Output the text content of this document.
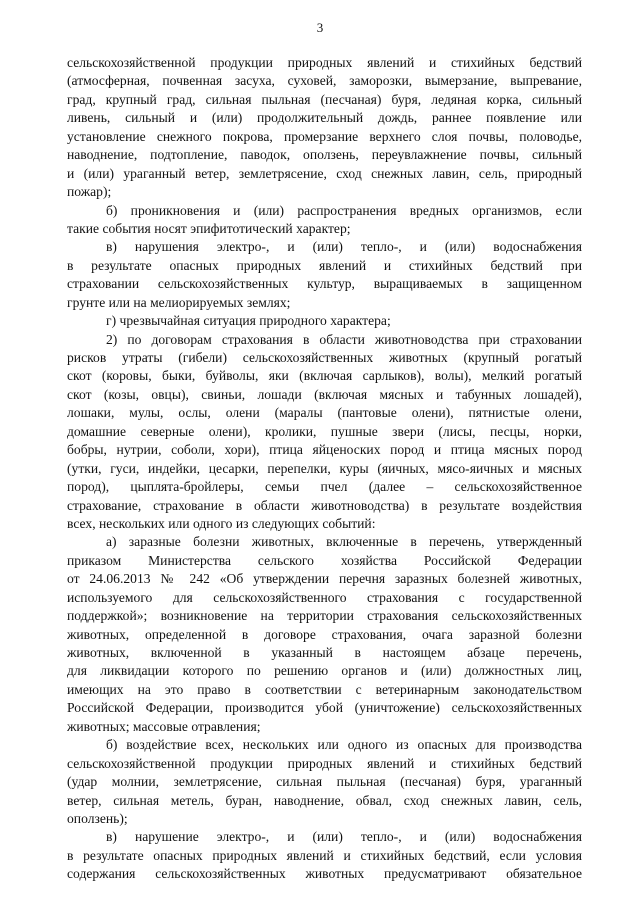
3
сельскохозяйственной продукции природных явлений и стихийных бедствий
(атмосферная, почвенная засуха, суховей, заморозки, вымерзание, выпревание,
град, крупный град, сильная пыльная (песчаная) буря, ледяная корка, сильный
ливень, сильный и (или) продолжительный дождь, раннее появление или
установление снежного покрова, промерзание верхнего слоя почвы, половодье,
наводнение, подтопление, паводок, оползень, переувлажнение почвы, сильный
и (или) ураганный ветер, землетрясение, сход снежных лавин, сель, природный
пожар);
б) проникновения и (или) распространения вредных организмов, если
такие события носят эпифитотический характер;
в) нарушения электро-, и (или) тепло-, и (или) водоснабжения
в результате опасных природных явлений и стихийных бедствий при
страховании сельскохозяйственных культур, выращиваемых в защищенном
грунте или на мелиорируемых землях;
г) чрезвычайная ситуация природного характера;
2) по договорам страхования в области животноводства при страховании
рисков утраты (гибели) сельскохозяйственных животных (крупный рогатый
скот (коровы, быки, буйволы, яки (включая сарлыков), волы), мелкий рогатый
скот (козы, овцы), свиньи, лошади (включая мясных и табунных лошадей),
лошаки, мулы, ослы, олени (маралы (пантовые олени), пятнистые олени,
домашние северные олени), кролики, пушные звери (лисы, песцы, норки,
бобры, нутрии, соболи, хори), птица яйценоских пород и птица мясных пород
(утки, гуси, индейки, цесарки, перепелки, куры (яичных, мясо-яичных и мясных
пород), цыплята-бройлеры, семьи пчел (далее – сельскохозяйственное
страхование, страхование в области животноводства) в результате воздействия
всех, нескольких или одного из следующих событий:
а) заразные болезни животных, включенные в перечень, утвержденный
приказом Министерства сельского хозяйства Российской Федерации
от 24.06.2013 № 242 «Об утверждении перечня заразных болезней животных,
используемого для сельскохозяйственного страхования с государственной
поддержкой»; возникновение на территории страхования сельскохозяйственных
животных, определенной в договоре страхования, очага заразной болезни
животных, включенной в указанный в настоящем абзаце перечень,
для ликвидации которого по решению органов и (или) должностных лиц,
имеющих на это право в соответствии с ветеринарным законодательством
Российской Федерации, производится убой (уничтожение) сельскохозяйственных
животных; массовые отравления;
б) воздействие всех, нескольких или одного из опасных для производства
сельскохозяйственной продукции природных явлений и стихийных бедствий
(удар молнии, землетрясение, сильная пыльная (песчаная) буря, ураганный
ветер, сильная метель, буран, наводнение, обвал, сход снежных лавин, сель,
оползень);
в) нарушение электро-, и (или) тепло-, и (или) водоснабжения
в результате опасных природных явлений и стихийных бедствий, если условия
содержания сельскохозяйственных животных предусматривают обязательное
